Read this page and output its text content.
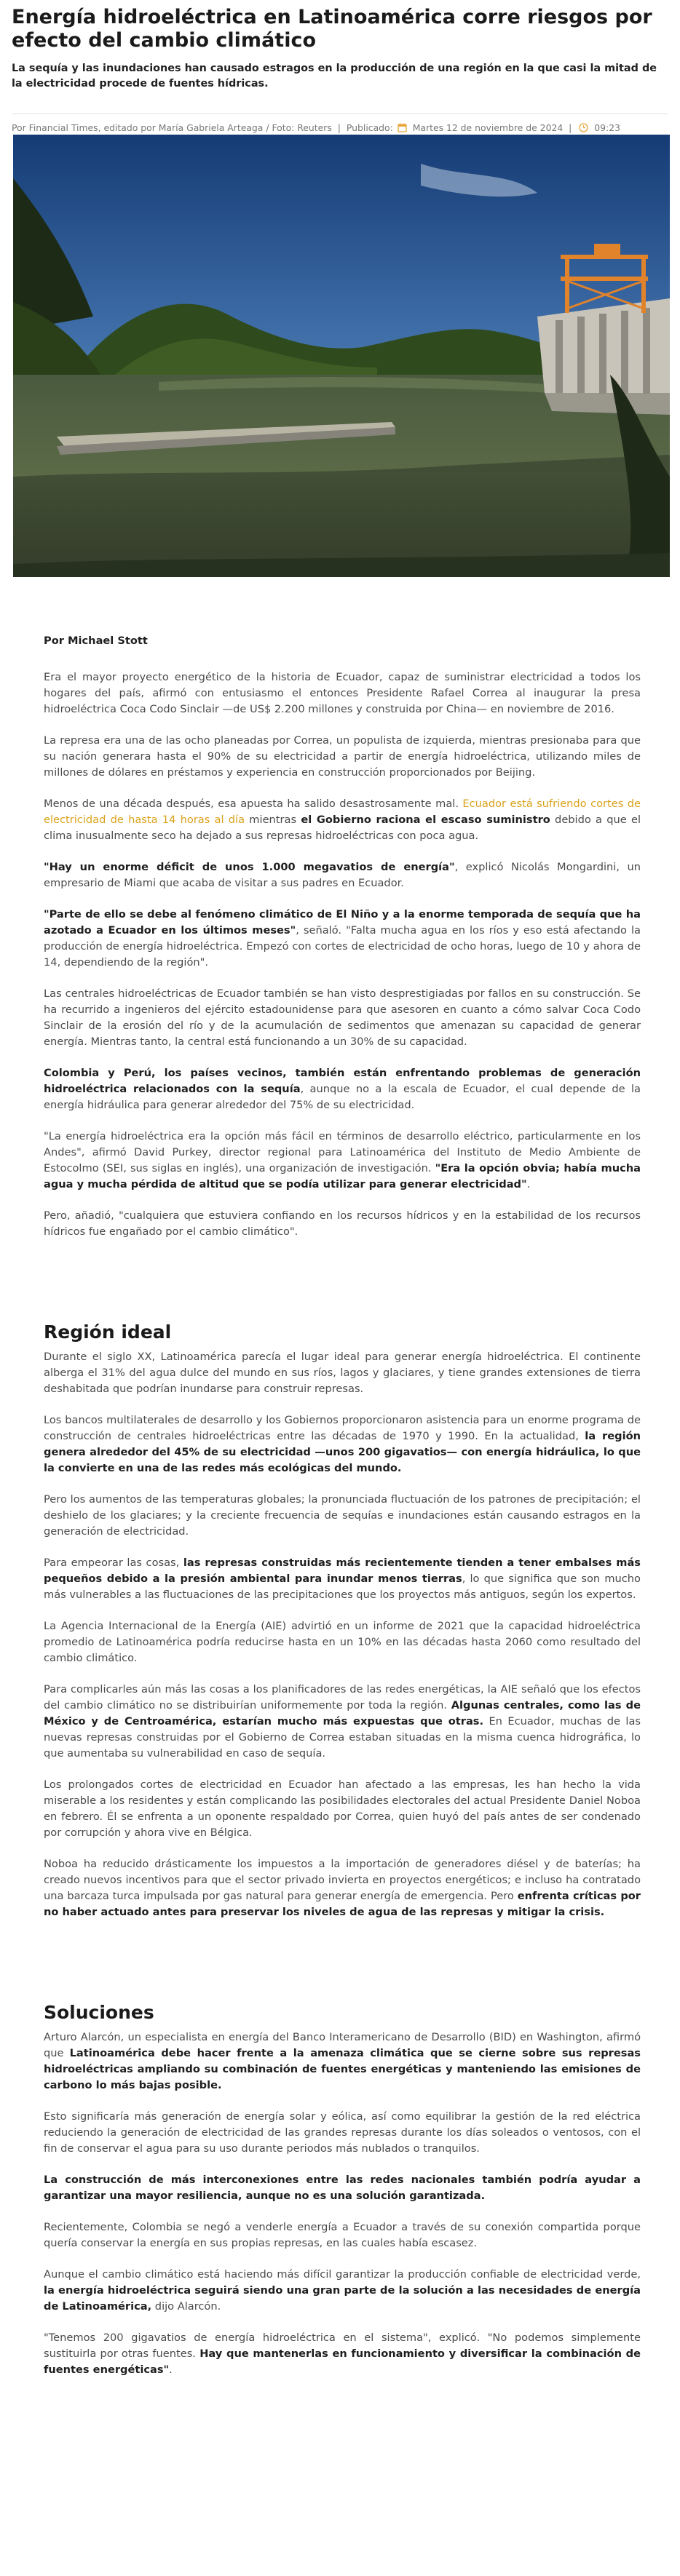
Energía hidroeléctrica en Latinoamérica corre riesgos por efecto del cambio climático

La sequía y las inundaciones han causado estragos en la producción de una región en la que casi la mitad de la electricidad procede de fuentes hídricas.

Por Financial Times, editado por María Gabriela Arteaga / Foto: Reuters | Publicado: Martes 12 de noviembre de 2024 | 09:23

Por Michael Stott

Era el mayor proyecto energético de la historia de Ecuador, capaz de suministrar electricidad a todos los hogares del país, afirmó con entusiasmo el entonces Presidente Rafael Correa al inaugurar la presa hidroeléctrica Coca Codo Sinclair —de US$ 2.200 millones y construida por China— en noviembre de 2016.

La represa era una de las ocho planeadas por Correa, un populista de izquierda, mientras presionaba para que su nación generara hasta el 90% de su electricidad a partir de energía hidroeléctrica, utilizando miles de millones de dólares en préstamos y experiencia en construcción proporcionados por Beijing.

Menos de una década después, esa apuesta ha salido desastrosamente mal. Ecuador está sufriendo cortes de electricidad de hasta 14 horas al día mientras el Gobierno raciona el escaso suministro debido a que el clima inusualmente seco ha dejado a sus represas hidroeléctricas con poca agua.

"Hay un enorme déficit de unos 1.000 megavatios de energía", explicó Nicolás Mongardini, un empresario de Miami que acaba de visitar a sus padres en Ecuador.

"Parte de ello se debe al fenómeno climático de El Niño y a la enorme temporada de sequía que ha azotado a Ecuador en los últimos meses", señaló. "Falta mucha agua en los ríos y eso está afectando la producción de energía hidroeléctrica. Empezó con cortes de electricidad de ocho horas, luego de 10 y ahora de 14, dependiendo de la región".

Las centrales hidroeléctricas de Ecuador también se han visto desprestigiadas por fallos en su construcción. Se ha recurrido a ingenieros del ejército estadounidense para que asesoren en cuanto a cómo salvar Coca Codo Sinclair de la erosión del río y de la acumulación de sedimentos que amenazan su capacidad de generar energía. Mientras tanto, la central está funcionando a un 30% de su capacidad.

Colombia y Perú, los países vecinos, también están enfrentando problemas de generación hidroeléctrica relacionados con la sequía, aunque no a la escala de Ecuador, el cual depende de la energía hidráulica para generar alrededor del 75% de su electricidad.

"La energía hidroeléctrica era la opción más fácil en términos de desarrollo eléctrico, particularmente en los Andes", afirmó David Purkey, director regional para Latinoamérica del Instituto de Medio Ambiente de Estocolmo (SEI, sus siglas en inglés), una organización de investigación. "Era la opción obvia; había mucha agua y mucha pérdida de altitud que se podía utilizar para generar electricidad".

Pero, añadió, "cualquiera que estuviera confiando en los recursos hídricos y en la estabilidad de los recursos hídricos fue engañado por el cambio climático".

Región ideal

Durante el siglo XX, Latinoamérica parecía el lugar ideal para generar energía hidroeléctrica. El continente alberga el 31% del agua dulce del mundo en sus ríos, lagos y glaciares, y tiene grandes extensiones de tierra deshabitada que podrían inundarse para construir represas.

Los bancos multilaterales de desarrollo y los Gobiernos proporcionaron asistencia para un enorme programa de construcción de centrales hidroeléctricas entre las décadas de 1970 y 1990. En la actualidad, la región genera alrededor del 45% de su electricidad —unos 200 gigavatios— con energía hidráulica, lo que la convierte en una de las redes más ecológicas del mundo.

Pero los aumentos de las temperaturas globales; la pronunciada fluctuación de los patrones de precipitación; el deshielo de los glaciares; y la creciente frecuencia de sequías e inundaciones están causando estragos en la generación de electricidad.

Para empeorar las cosas, las represas construidas más recientemente tienden a tener embalses más pequeños debido a la presión ambiental para inundar menos tierras, lo que significa que son mucho más vulnerables a las fluctuaciones de las precipitaciones que los proyectos más antiguos, según los expertos.

La Agencia Internacional de la Energía (AIE) advirtió en un informe de 2021 que la capacidad hidroeléctrica promedio de Latinoamérica podría reducirse hasta en un 10% en las décadas hasta 2060 como resultado del cambio climático.

Para complicarles aún más las cosas a los planificadores de las redes energéticas, la AIE señaló que los efectos del cambio climático no se distribuirían uniformemente por toda la región. Algunas centrales, como las de México y de Centroamérica, estarían mucho más expuestas que otras. En Ecuador, muchas de las nuevas represas construidas por el Gobierno de Correa estaban situadas en la misma cuenca hidrográfica, lo que aumentaba su vulnerabilidad en caso de sequía.

Los prolongados cortes de electricidad en Ecuador han afectado a las empresas, les han hecho la vida miserable a los residentes y están complicando las posibilidades electorales del actual Presidente Daniel Noboa en febrero. Él se enfrenta a un oponente respaldado por Correa, quien huyó del país antes de ser condenado por corrupción y ahora vive en Bélgica.

Noboa ha reducido drásticamente los impuestos a la importación de generadores diésel y de baterías; ha creado nuevos incentivos para que el sector privado invierta en proyectos energéticos; e incluso ha contratado una barcaza turca impulsada por gas natural para generar energía de emergencia. Pero enfrenta críticas por no haber actuado antes para preservar los niveles de agua de las represas y mitigar la crisis.

Soluciones

Arturo Alarcón, un especialista en energía del Banco Interamericano de Desarrollo (BID) en Washington, afirmó que Latinoamérica debe hacer frente a la amenaza climática que se cierne sobre sus represas hidroeléctricas ampliando su combinación de fuentes energéticas y manteniendo las emisiones de carbono lo más bajas posible.

Esto significaría más generación de energía solar y eólica, así como equilibrar la gestión de la red eléctrica reduciendo la generación de electricidad de las grandes represas durante los días soleados o ventosos, con el fin de conservar el agua para su uso durante periodos más nublados o tranquilos.

La construcción de más interconexiones entre las redes nacionales también podría ayudar a garantizar una mayor resiliencia, aunque no es una solución garantizada.

Recientemente, Colombia se negó a venderle energía a Ecuador a través de su conexión compartida porque quería conservar la energía en sus propias represas, en las cuales había escasez.

Aunque el cambio climático está haciendo más difícil garantizar la producción confiable de electricidad verde, la energía hidroeléctrica seguirá siendo una gran parte de la solución a las necesidades de energía de Latinoamérica, dijo Alarcón.

"Tenemos 200 gigavatios de energía hidroeléctrica en el sistema", explicó. "No podemos simplemente sustituirla por otras fuentes. Hay que mantenerlas en funcionamiento y diversificar la combinación de fuentes energéticas".
